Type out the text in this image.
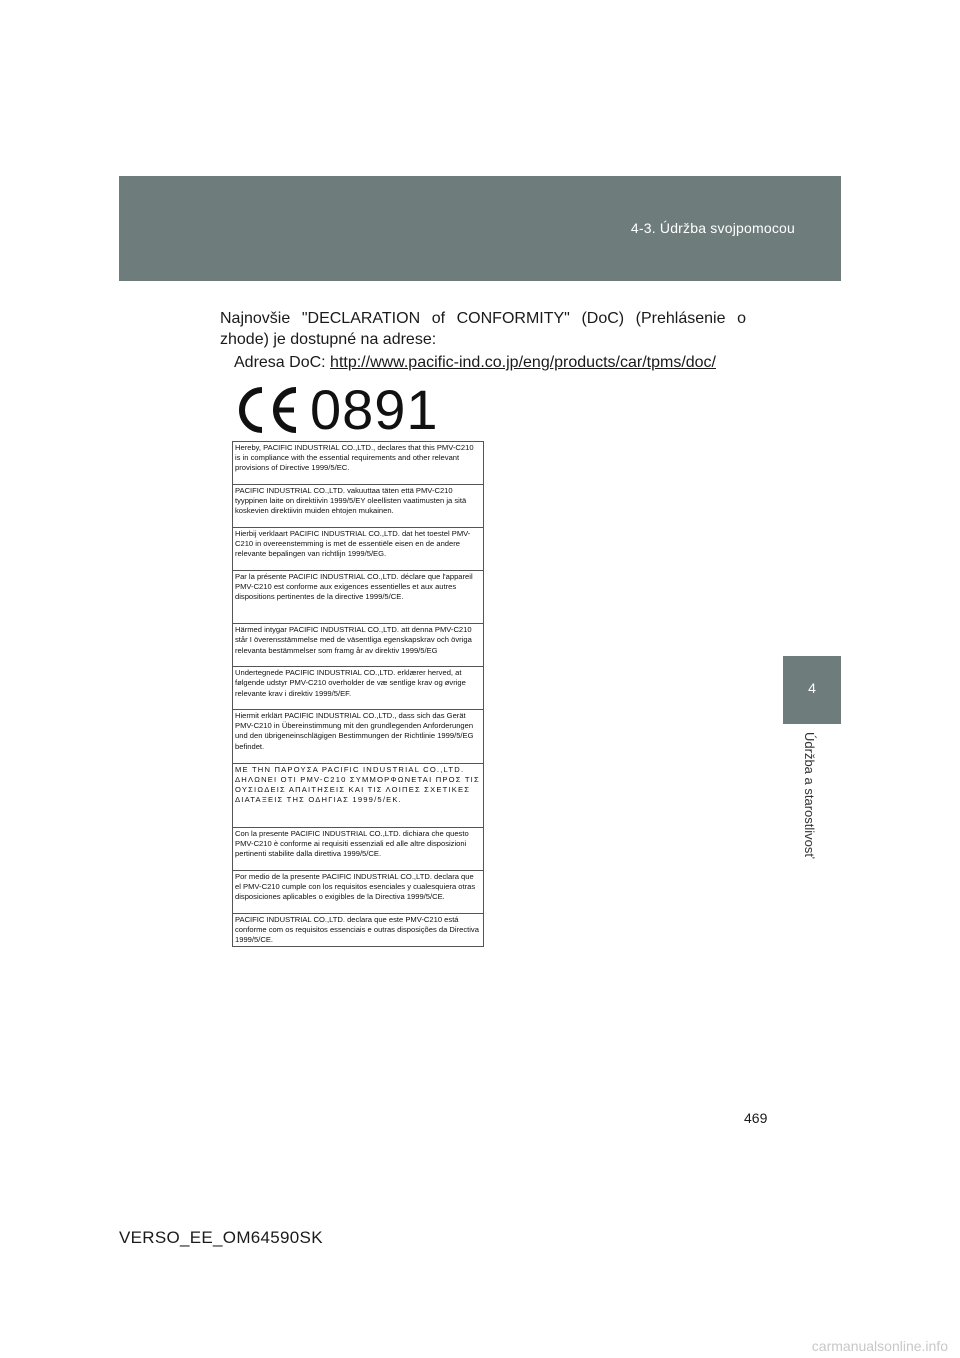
4-3. Údržba svojpomocou
4
Údržba a starostlivosť
Najnovšie "DECLARATION of CONFORMITY" (DoC) (Prehlásenie o zhode) je dostupné na adrese:
Adresa DoC: http://www.pacific-ind.co.jp/eng/products/car/tpms/doc/
0891
Hereby, PACIFIC INDUSTRIAL CO.,LTD., declares that this PMV-C210 is in compliance with the essential requirements and other relevant provisions of Directive 1999/5/EC.
PACIFIC INDUSTRIAL CO.,LTD. vakuuttaa täten että PMV-C210 tyyppinen laite on direktiivin 1999/5/EY oleellisten vaatimusten ja sitä koskevien direktiivin muiden ehtojen mukainen.
Hierbij verklaart PACIFIC INDUSTRIAL CO.,LTD. dat het toestel PMV-C210 in overeenstemming is met de essentiële eisen en de andere relevante bepalingen van richtlijn 1999/5/EG.
Par la présente PACIFIC INDUSTRIAL CO.,LTD. déclare que l'appareil PMV-C210 est conforme aux exigences essentielles et aux autres dispositions pertinentes de la directive 1999/5/CE.
Härmed intygar PACIFIC INDUSTRIAL CO.,LTD. att denna PMV-C210 står I överensstämmelse med de väsentliga egenskapskrav och övriga relevanta bestämmelser som framg år av direktiv 1999/5/EG
Undertegnede PACIFIC INDUSTRIAL CO.,LTD. erklærer herved, at følgende udstyr PMV-C210 overholder de væ sentlige krav og øvrige relevante krav i direktiv 1999/5/EF.
Hiermit erklärt PACIFIC INDUSTRIAL CO.,LTD., dass sich das Gerät PMV-C210 in Übereinstimmung mit den grundlegenden Anforderungen und den übrigeneinschlägigen Bestimmungen der Richtlinie 1999/5/EG befindet.
ΜΕ ΤΗΝ ΠΑΡΟΥΣΑ PACIFIC INDUSTRIAL CO.,LTD. ΔΗΛΩΝΕΙ ΟΤΙ PMV-C210 ΣΥΜΜΟΡΦΩΝΕΤΑΙ ΠΡΟΣ ΤΙΣ ΟΥΣΙΩΔΕΙΣ ΑΠΑΙΤΗΣΕΙΣ ΚΑΙ ΤΙΣ ΛΟΙΠΕΣ ΣΧΕΤΙΚΕΣ ΔΙΑΤΑΞΕΙΣ ΤΗΣ ΟΔΗΓΙΑΣ 1999/5/ΕΚ.
Con la presente PACIFIC INDUSTRIAL CO.,LTD. dichiara che questo PMV-C210 è conforme ai requisiti essenziali ed alle altre disposizioni pertinenti stabilite dalla direttiva 1999/5/CE.
Por medio de la presente PACIFIC INDUSTRIAL CO.,LTD. declara que el PMV-C210 cumple con los requisitos esenciales y cualesquiera otras disposiciones aplicables o exigibles de la Directiva 1999/5/CE.
PACIFIC INDUSTRIAL CO.,LTD. declara que este PMV-C210 está conforme com os requisitos essenciais e outras disposições da Directiva 1999/5/CE.
469
VERSO_EE_OM64590SK
carmanualsonline.info
